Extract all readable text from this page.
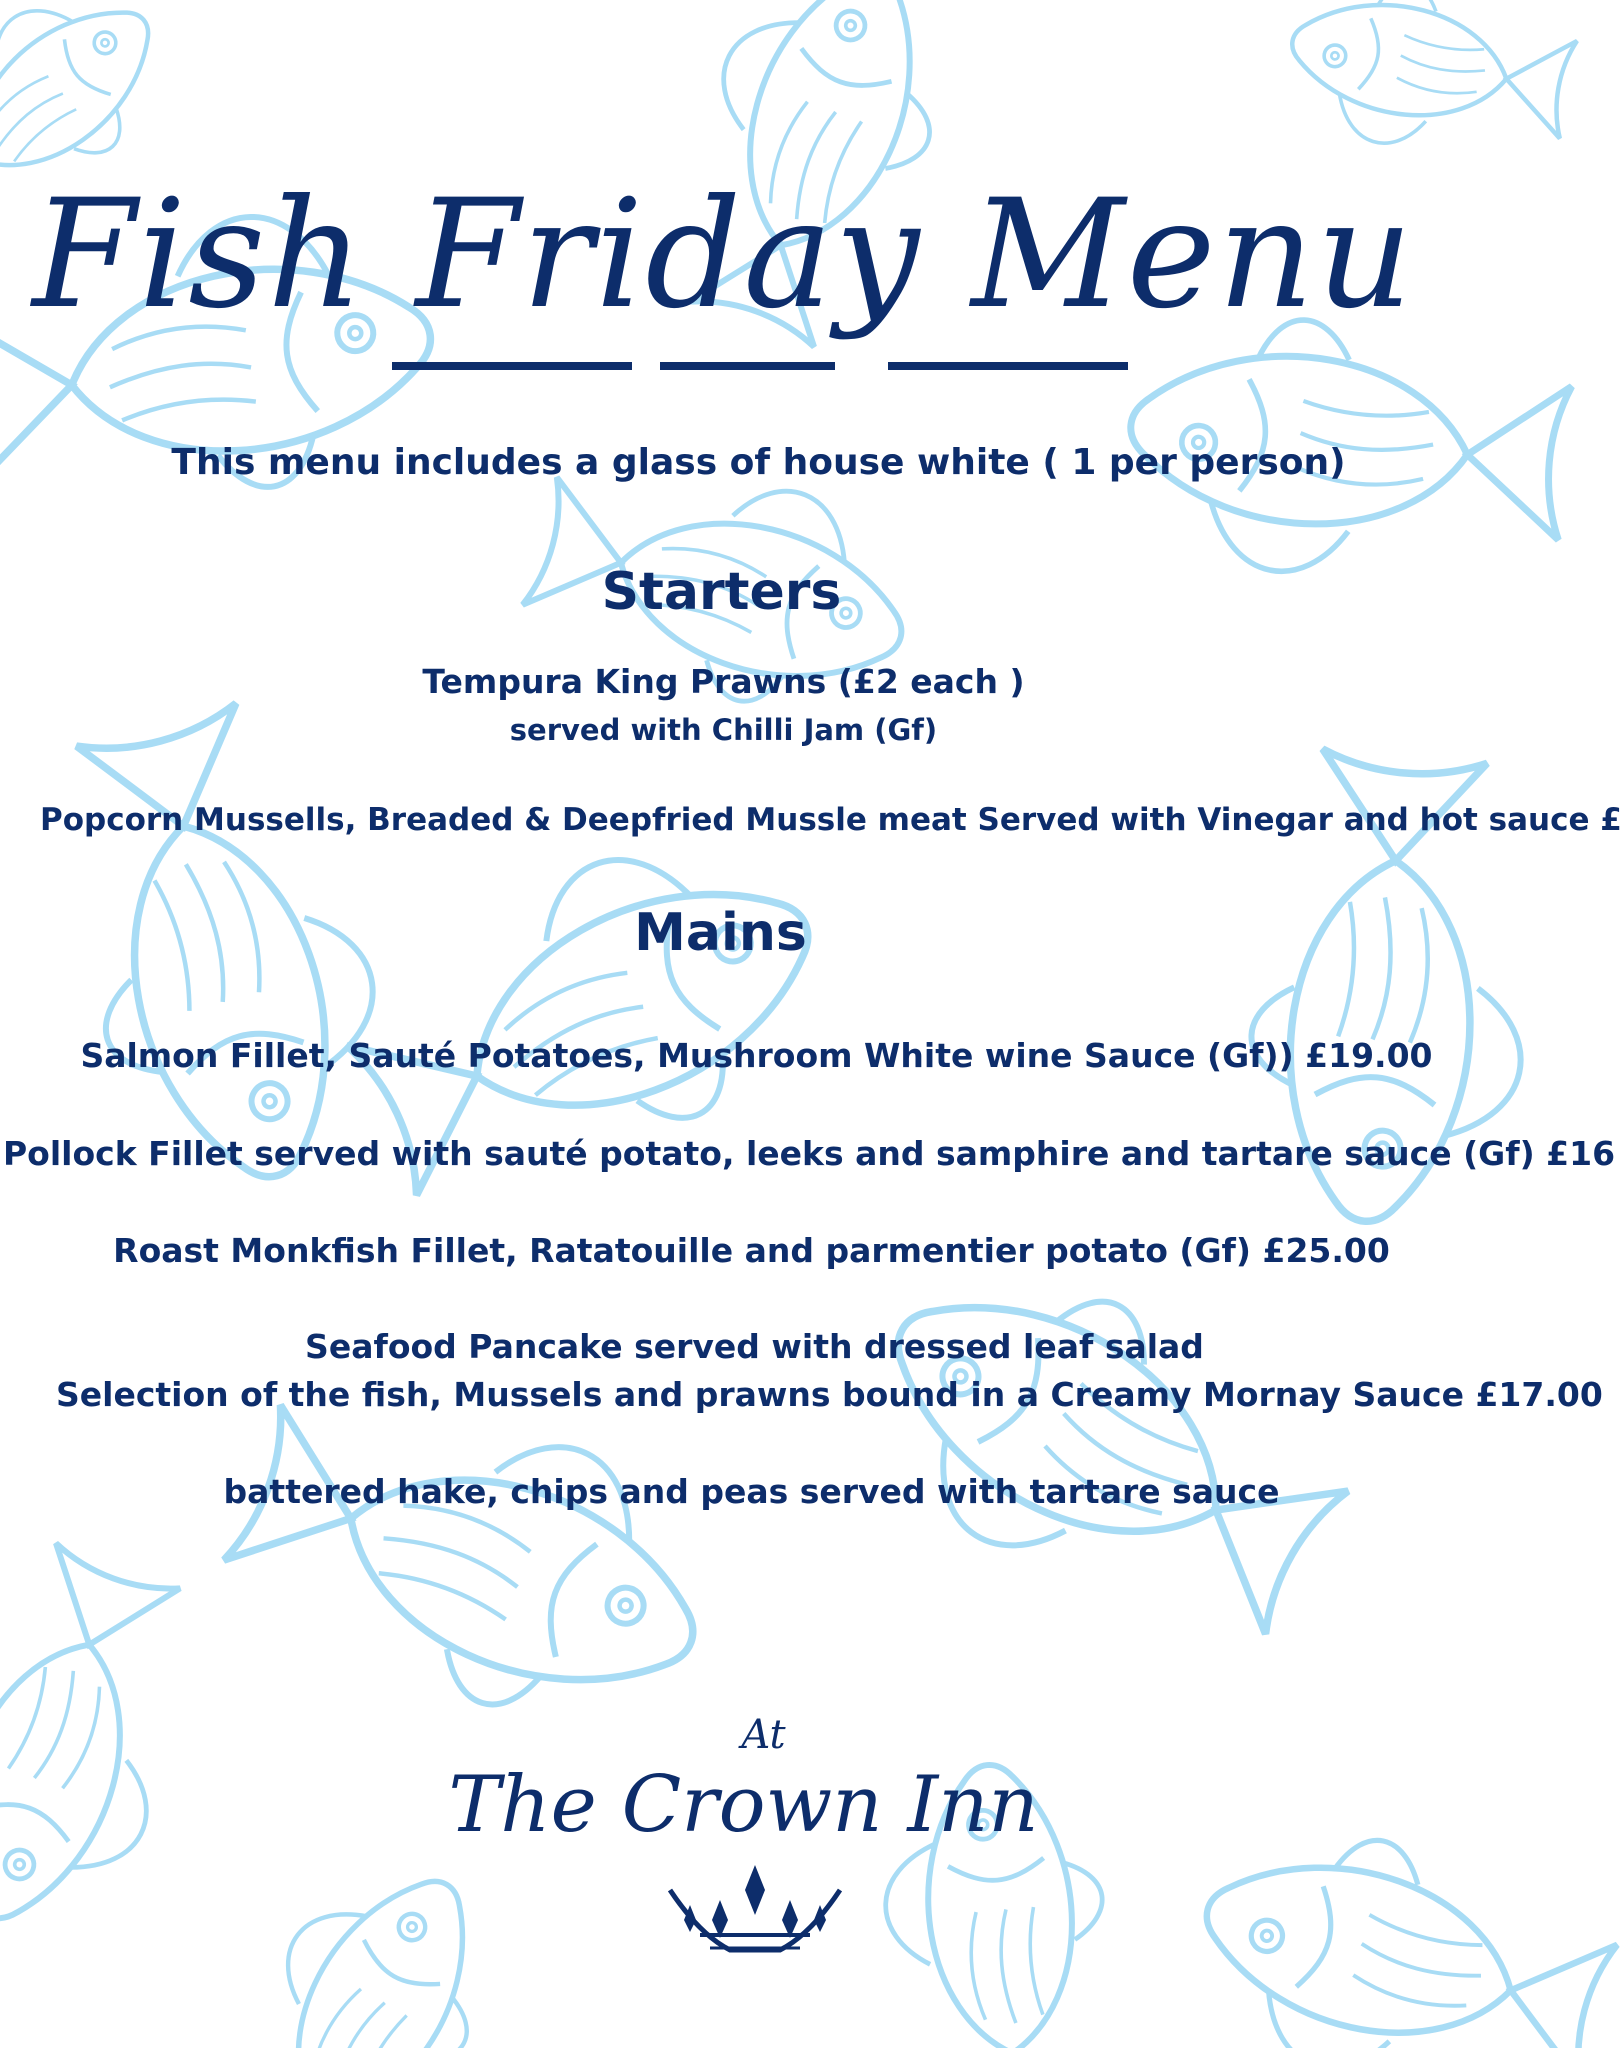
Fish Friday Menu
This menu includes a glass of house white ( 1 per person)
Starters
Tempura King Prawns (£2 each )
served with Chilli Jam (Gf)
Popcorn Mussells, Breaded & Deepfried Mussle meat Served with Vinegar and hot sauce £
Mains
Salmon Fillet, Sauté Potatoes, Mushroom White wine Sauce (Gf)) £19.00
Pollock Fillet served with sauté potato, leeks and samphire and tartare sauce (Gf) £16
Roast Monkfish Fillet, Ratatouille and parmentier potato (Gf) £25.00
Seafood Pancake served with dressed leaf salad
Selection of the fish, Mussels and prawns bound in a Creamy Mornay Sauce £17.00
battered hake, chips and peas served with tartare sauce
At
The Crown Inn
